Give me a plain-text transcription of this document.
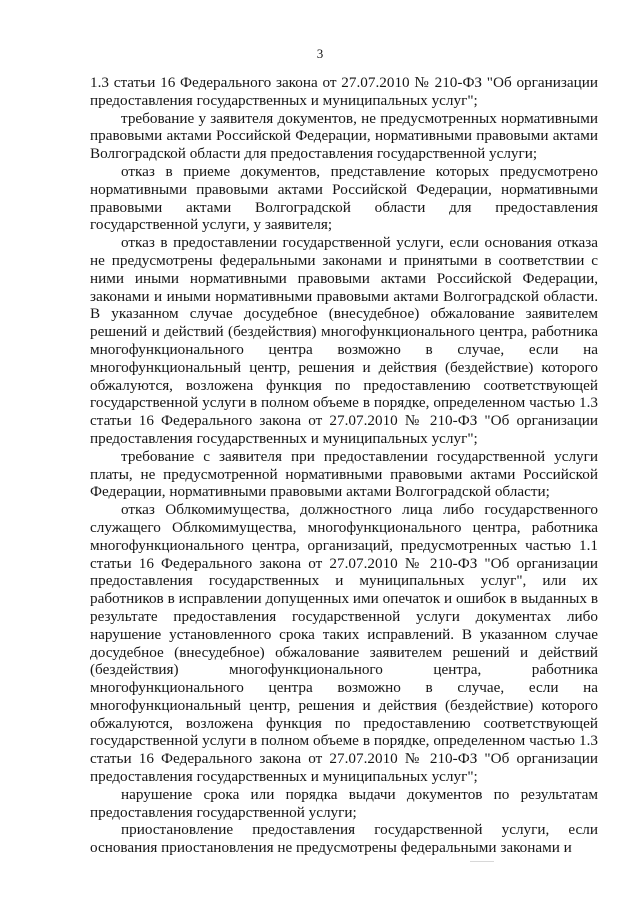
3

1.3 статьи 16 Федерального закона от 27.07.2010 № 210-ФЗ "Об организации предоставления государственных и муниципальных услуг";

требование у заявителя документов, не предусмотренных нормативными правовыми актами Российской Федерации, нормативными правовыми актами Волгоградской области для предоставления государственной услуги;

отказ в приеме документов, представление которых предусмотрено нормативными правовыми актами Российской Федерации, нормативными правовыми актами Волгоградской области для предоставления государственной услуги, у заявителя;

отказ в предоставлении государственной услуги, если основания отказа не предусмотрены федеральными законами и принятыми в соответствии с ними иными нормативными правовыми актами Российской Федерации, законами и иными нормативными правовыми актами Волгоградской области. В указанном случае досудебное (внесудебное) обжалование заявителем решений и действий (бездействия) многофункционального центра, работника многофункционального центра возможно в случае, если на многофункциональный центр, решения и действия (бездействие) которого обжалуются, возложена функция по предоставлению соответствующей государственной услуги в полном объеме в порядке, определенном частью 1.3 статьи 16 Федерального закона от 27.07.2010 № 210-ФЗ "Об организации предоставления государственных и муниципальных услуг";

требование с заявителя при предоставлении государственной услуги платы, не предусмотренной нормативными правовыми актами Российской Федерации, нормативными правовыми актами Волгоградской области;

отказ Облкомимущества, должностного лица либо государственного служащего Облкомимущества, многофункционального центра, работника многофункционального центра, организаций, предусмотренных частью 1.1 статьи 16 Федерального закона от 27.07.2010 № 210-ФЗ "Об организации предоставления государственных и муниципальных услуг", или их работников в исправлении допущенных ими опечаток и ошибок в выданных в результате предоставления государственной услуги документах либо нарушение установленного срока таких исправлений. В указанном случае досудебное (внесудебное) обжалование заявителем решений и действий (бездействия) многофункционального центра, работника многофункционального центра возможно в случае, если на многофункциональный центр, решения и действия (бездействие) которого обжалуются, возложена функция по предоставлению соответствующей государственной услуги в полном объеме в порядке, определенном частью 1.3 статьи 16 Федерального закона от 27.07.2010 № 210-ФЗ "Об организации предоставления государственных и муниципальных услуг";

нарушение срока или порядка выдачи документов по результатам предоставления государственной услуги;

приостановление предоставления государственной услуги, если основания приостановления не предусмотрены федеральными законами и
